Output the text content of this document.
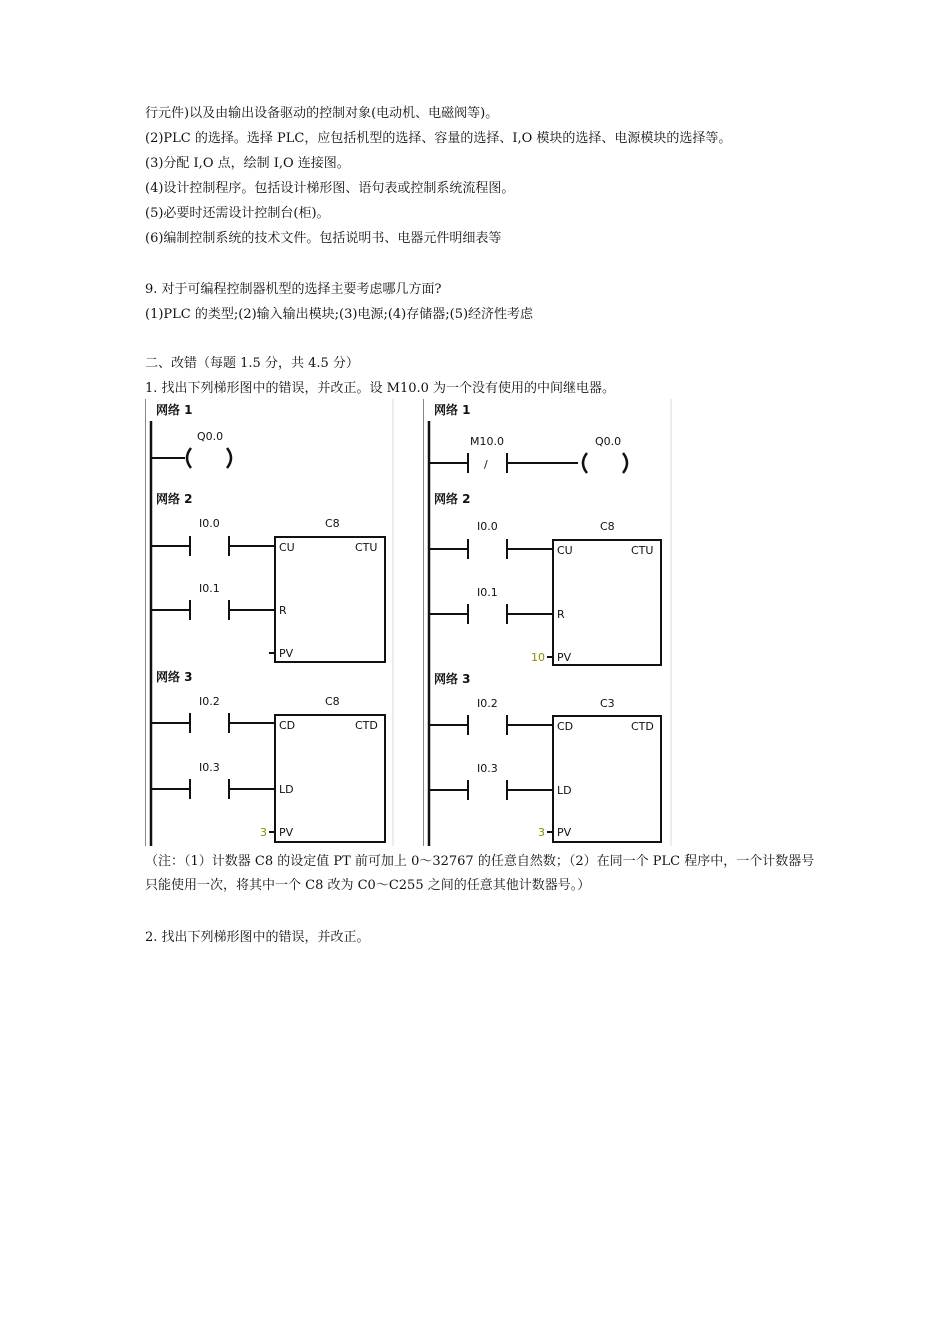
行元件)以及由输出设备驱动的控制对象(电动机、电磁阀等)。
(2)PLC 的选择。选择 PLC，应包括机型的选择、容量的选择、I,O 模块的选择、电源模块的选择等。
(3)分配 I,O 点，绘制 I,O 连接图。
(4)设计控制程序。包括设计梯形图、语句表或控制系统流程图。
(5)必要时还需设计控制台(柜)。
(6)编制控制系统的技术文件。包括说明书、电器元件明细表等
9. 对于可编程控制器机型的选择主要考虑哪几方面?
(1)PLC 的类型;(2)输入输出模块;(3)电源;(4)存储器;(5)经济性考虑
二、改错（每题 1.5 分，共 4.5 分）
1. 找出下列梯形图中的错误，并改正。设 M10.0 为一个没有使用的中间继电器。
网络 1
Q0.0
网络 2
I0.0
I0.1
C8
CU	CTU
R
PV
网络 3
I0.2
I0.3
C8
CD	CTD
LD
PV
3
网络 1
M10.0
/
Q0.0
网络 2
I0.0
I0.1
C8
CU	CTU
R
PV
10
网络 3
I0.2
I0.3
C3
CD	CTD
LD
PV
3
（注：（1）计数器 C8 的设定值 PT 前可加上 0～32767 的任意自然数；（2）在同一个 PLC 程序中，一个计数器号只能使用一次，将其中一个 C8 改为 C0～C255 之间的任意其他计数器号。）
2. 找出下列梯形图中的错误，并改正。
